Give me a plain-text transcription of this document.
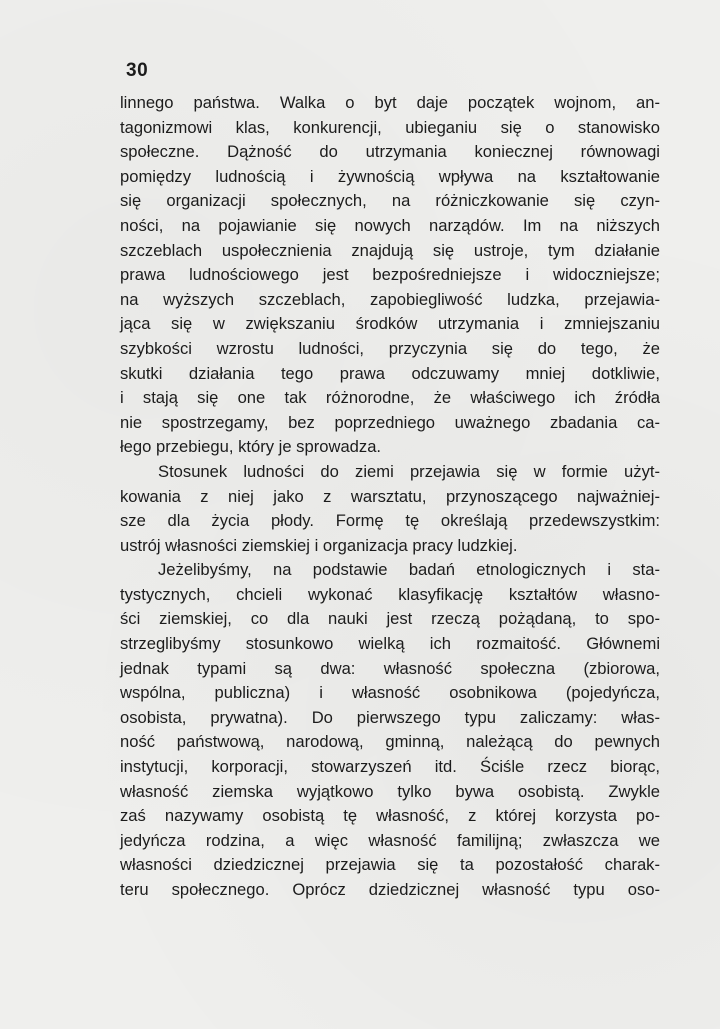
30
linnego państwa. Walka o byt daje początek wojnom, an-
tagonizmowi klas, konkurencji, ubieganiu się o stanowisko
społeczne. Dążność do utrzymania koniecznej równowagi
pomiędzy ludnością i żywnością wpływa na kształtowanie
się organizacji społecznych, na różniczkowanie się czyn-
ności, na pojawianie się nowych narządów. Im na niższych
szczeblach uspołecznienia znajdują się ustroje, tym działanie
prawa ludnościowego jest bezpośredniejsze i widoczniejsze;
na wyższych szczeblach, zapobiegliwość ludzka, przejawia-
jąca się w zwiększaniu środków utrzymania i zmniejszaniu
szybkości wzrostu ludności, przyczynia się do tego, że
skutki działania tego prawa odczuwamy mniej dotkliwie,
i stają się one tak różnorodne, że właściwego ich źródła
nie spostrzegamy, bez poprzedniego uważnego zbadania ca-
łego przebiegu, który je sprowadza.
Stosunek ludności do ziemi przejawia się w formie użyt-
kowania z niej jako z warsztatu, przynoszącego najważniej-
sze dla życia płody. Formę tę określają przedewszystkim:
ustrój własności ziemskiej i organizacja pracy ludzkiej.
Jeżelibyśmy, na podstawie badań etnologicznych i sta-
tystycznych, chcieli wykonać klasyfikację kształtów własno-
ści ziemskiej, co dla nauki jest rzeczą pożądaną, to spo-
strzeglibyśmy stosunkowo wielką ich rozmaitość. Głównemi
jednak typami są dwa: własność społeczna (zbiorowa,
wspólna, publiczna) i własność osobnikowa (pojedyńcza,
osobista, prywatna). Do pierwszego typu zaliczamy: włas-
ność państwową, narodową, gminną, należącą do pewnych
instytucji, korporacji, stowarzyszeń itd. Ściśle rzecz biorąc,
własność ziemska wyjątkowo tylko bywa osobistą. Zwykle
zaś nazywamy osobistą tę własność, z której korzysta po-
jedyńcza rodzina, a więc własność familijną; zwłaszcza we
własności dziedzicznej przejawia się ta pozostałość charak-
teru społecznego. Oprócz dziedzicznej własność typu oso-
